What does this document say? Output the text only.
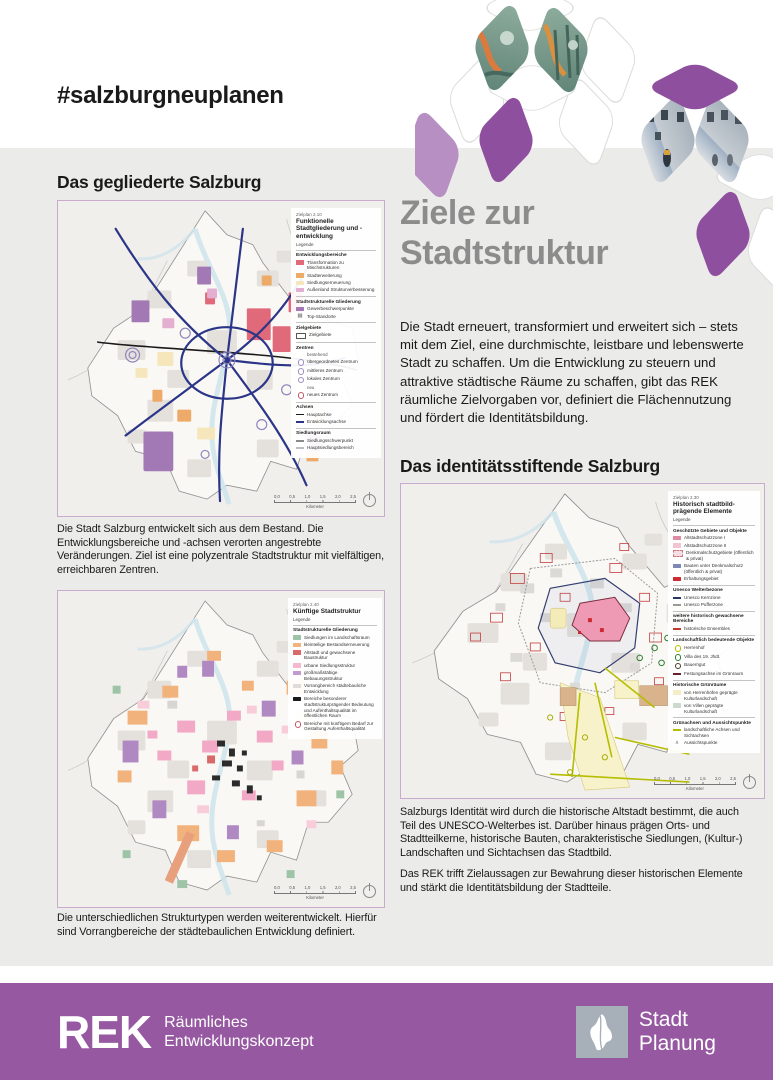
#salzburgneuplanen
Das gegliederte Salzburg
Zielplan 2.10
Funktionelle Stadtgliederung und -entwicklung
Legende
Entwicklungsbereiche
Transformation zu Mischstrukturen
Stadterweiterung
Siedlungserneuerung
Außenland Strukturverbesserung
Stadtstrukturelle Gliederung
Gewerbeschwerpunkte
▦ Top-Standorte
Zielgebiete
Zielgebiete
Zentren
bestehend
übergeordnetes Zentrum
mittleres Zentrum
lokales Zentrum
neu
neues Zentrum
Achsen
Hauptachse
Entwicklungsachse
Siedlungsraum
Siedlungsschwerpunkt
Hauptsiedlungsbereich
0,0 0,5 1,0 1,5 2,0 2,5
Kilometer
Die Stadt Salzburg entwickelt sich aus dem Bestand. Die Entwicklungsbereiche und -achsen verorten angestrebte Veränderungen. Ziel ist eine polyzentrale Stadtstruktur mit vielfältigen, erreichbaren Zentren.
Zielplan 2.40
Künftige Stadtstruktur
Legende
Stadtstrukturelle Gliederung
Siedlungen im Landschaftsraum
kleinteilige Bestandserneuerung
Altstadt und gewachsene Baustruktur
urbane Siedlungsstruktur
großmaßstäbige Bebauungsstruktur
Vorrangbereich städtebauliche Entwicklung
Bereiche besonderer stadtstrukturprägender Bedeutung und Aufenthaltsqualität im öffentlichen Raum
Bereiche mit künftigem Bedarf zur Gestaltung Aufenthaltsqualität
0,0 0,5 1,0 1,5 2,0 2,5
Kilometer
Die unterschiedlichen Strukturtypen werden weiterentwickelt. Hierfür sind Vorrangbereiche der städtebaulichen Entwicklung definiert.
Ziele zur
Stadtstruktur
Die Stadt erneuert, transformiert und erweitert sich – stets mit dem Ziel, eine durchmischte, leistbare und lebenswerte Stadt zu schaffen. Um die Entwicklung zu steuern und attraktive städtische Räume zu schaffen, gibt das REK räumliche Zielvorgaben vor, definiert die Flächennutzung und fördert die Identitätsbildung.
Das identitätsstiftende Salzburg
Zielplan 2.30
Historisch stadtbildprägende Elemente
Legende
Geschützte Gebiete und Objekte
Altstadtschutzzone I
Altstadtschutzzone II
Denkmalschutzgebiete (öffentlich & privat)
Bauten unter Denkmalschutz (öffentlich & privat)
Erhaltungsgebiet
Unesco Welterbezone
Unesco Kernzone
Unesco Pufferzone
weitere historisch gewachsene Bereiche
historische Ensembles
Landschaftlich bedeutende Objekte
Herrenhof
Villa des 19. Jhdt.
Bauerngut
Festungsachse im Grünraum
Historische Grünräume
von Herrenhöfen geprägte Kulturlandschaft
von Villen geprägte Kulturlandschaft
Grünachsen und Aussichtspunkte
landschaftliche Achsen und Sichtachsen
∧	Aussichtspunkte
0,0 0,5 1,0 1,5 2,0 2,5
Kilometer

Salzburgs Identität wird durch die historische Altstadt bestimmt, die auch Teil des UNESCO-Welterbes ist. Darüber hinaus prägen Orts- und Stadtteilkerne, historische Bauten, charakteristische Siedlungen, (Kultur-) Landschaften und Sichtachsen das Stadtbild.

Das REK trifft Zielaussagen zur Bewahrung dieser historischen Elemente und stärkt die Identitätsbildung der Stadtteile.

REK Räumliches
Entwicklungskonzept
Stadt
Planung
